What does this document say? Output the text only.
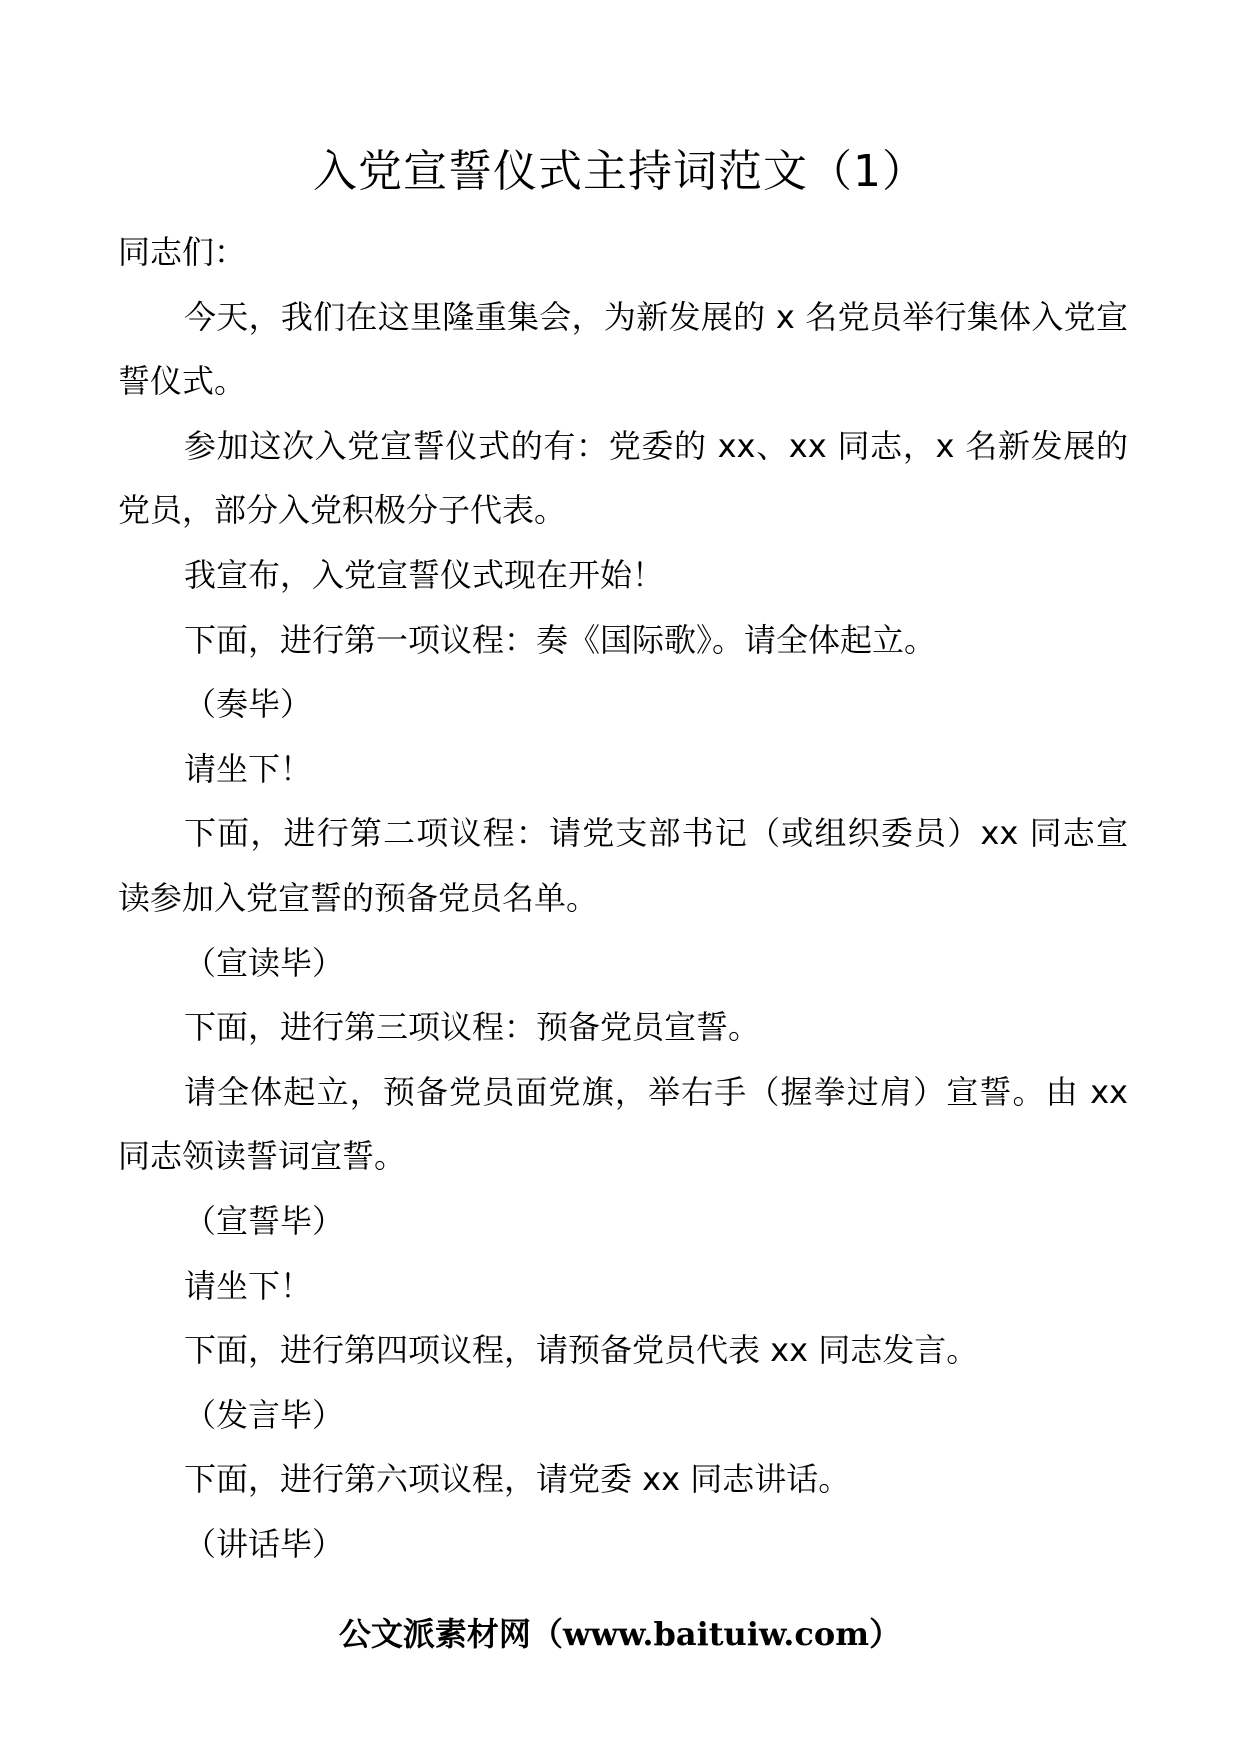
入党宣誓仪式主持词范文（1）

同志们：

今天，我们在这里隆重集会，为新发展的 x 名党员举行集体入党宣誓仪式。

参加这次入党宣誓仪式的有：党委的 xx、xx 同志，x 名新发展的党员，部分入党积极分子代表。

我宣布，入党宣誓仪式现在开始！

下面，进行第一项议程：奏《国际歌》。请全体起立。

（奏毕）

请坐下！

下面，进行第二项议程：请党支部书记（或组织委员）xx 同志宣读参加入党宣誓的预备党员名单。

（宣读毕）

下面，进行第三项议程：预备党员宣誓。

请全体起立，预备党员面党旗，举右手（握拳过肩）宣誓。由 xx 同志领读誓词宣誓。

（宣誓毕）

请坐下！

下面，进行第四项议程，请预备党员代表 xx 同志发言。

（发言毕）

下面，进行第六项议程，请党委 xx 同志讲话。

（讲话毕）

公文派素材网（www.baituiw.com）
